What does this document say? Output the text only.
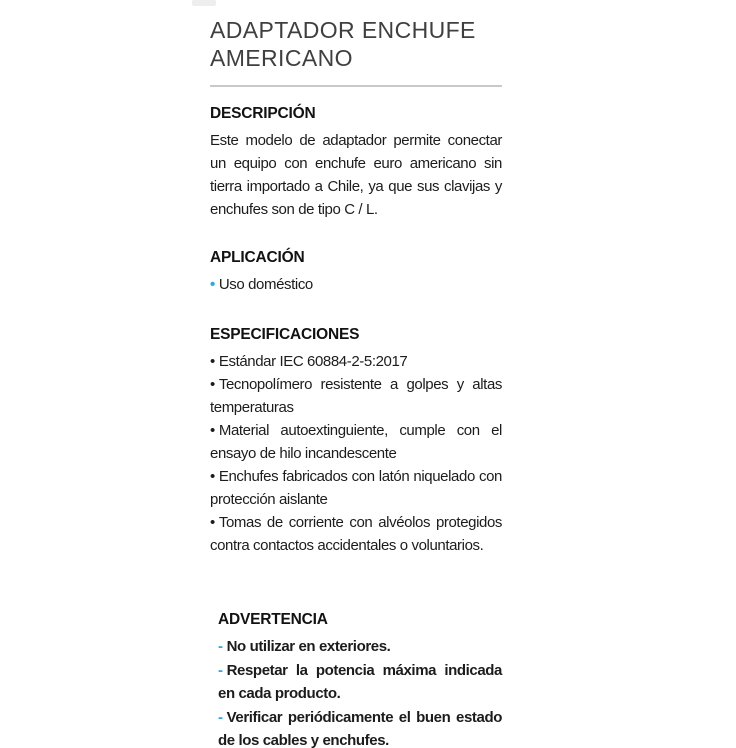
ADAPTADOR ENCHUFE AMERICANO
DESCRIPCIÓN

Este modelo de adaptador permite conectar un equipo con enchufe euro americano sin tierra importado a Chile, ya que sus clavijas y enchufes son de tipo C / L.

APLICACIÓN

• Uso doméstico

ESPECIFICACIONES

• Estándar IEC 60884-2-5:2017

• Tecnopolímero resistente a golpes y altas temperaturas

• Material autoextinguiente, cumple con el ensayo de hilo incandescente

• Enchufes fabricados con latón niquelado con protección aislante

• Tomas de corriente con alvéolos protegidos contra contactos accidentales o voluntarios.

ADVERTENCIA

- No utilizar en exteriores.

- Respetar la potencia máxima indicada en cada producto.

- Verificar periódicamente el buen estado de los cables y enchufes.
